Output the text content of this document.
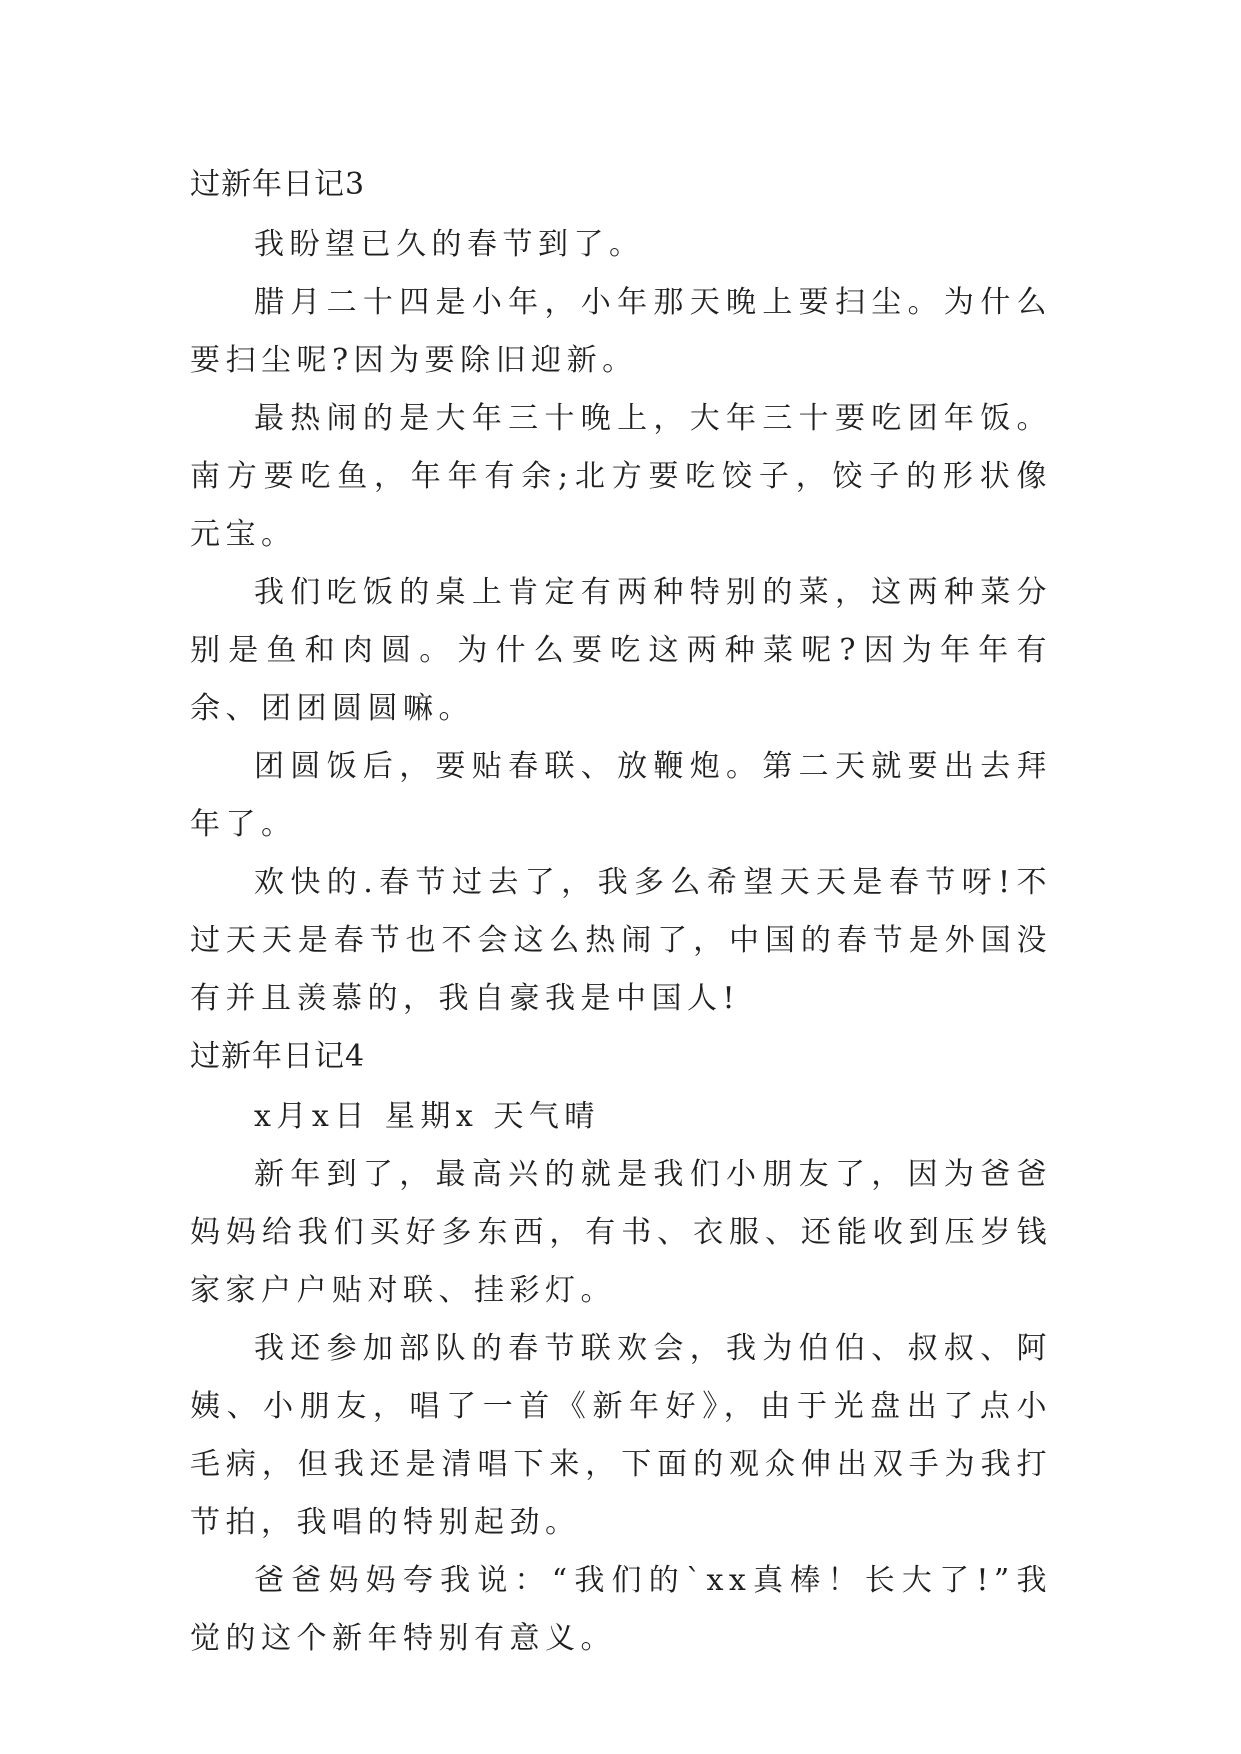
过新年日记3

我盼望已久的春节到了。

腊月二十四是小年，小年那天晚上要扫尘。为什么要扫尘呢?因为要除旧迎新。

最热闹的是大年三十晚上，大年三十要吃团年饭。南方要吃鱼，年年有余;北方要吃饺子，饺子的形状像元宝。

我们吃饭的桌上肯定有两种特别的菜，这两种菜分别是鱼和肉圆。为什么要吃这两种菜呢?因为年年有余、团团圆圆嘛。

团圆饭后，要贴春联、放鞭炮。第二天就要出去拜年了。

欢快的.春节过去了，我多么希望天天是春节呀!不过天天是春节也不会这么热闹了，中国的春节是外国没有并且羡慕的，我自豪我是中国人!

过新年日记4

x月x日 星期x 天气晴

新年到了，最高兴的就是我们小朋友了，因为爸爸妈妈给我们买好多东西，有书、衣服、还能收到压岁钱家家户户贴对联、挂彩灯。

我还参加部队的春节联欢会，我为伯伯、叔叔、阿姨、小朋友，唱了一首《新年好》，由于光盘出了点小毛病，但我还是清唱下来，下面的观众伸出双手为我打节拍，我唱的特别起劲。

爸爸妈妈夸我说：“我们的`xx真棒！长大了!”我觉的这个新年特别有意义。
